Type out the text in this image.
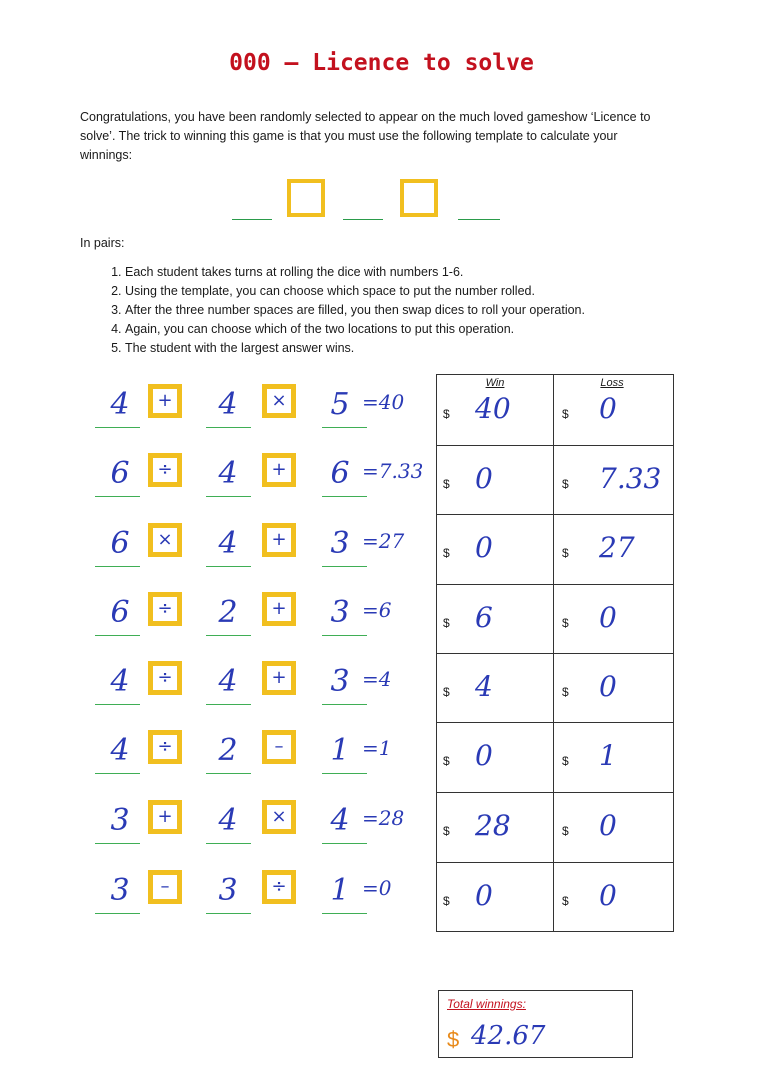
000 – Licence to solve
Congratulations, you have been randomly selected to appear on the much loved gameshow ‘Licence to solve’. The trick to winning this game is that you must use the following template to calculate your winnings:
In pairs:
1. Each student takes turns at rolling the dice with numbers 1-6.
2. Using the template, you can choose which space to put the number rolled.
3. After the three number spaces are filled, you then swap dices to roll your operation.
4. Again, you can choose which of the two locations to put this operation.
5. The student with the largest answer wins.
4	+	4	×	5 =40
6	÷	4	+	6 =7.33
6	×	4	+	3 =27
6	÷	2	+	3 =6
4	÷	4	+	3 =4
4	÷	2	–	1 =1
3	+	4	×	4 =28
3	–	3	÷	1 =0
Win	Loss
$ 40	$ 0
$ 0	$ 7.33
$ 0	$ 27
$ 6	$ 0
$ 4	$ 0
$ 0	$ 1
$ 28	$ 0
$ 0	$ 0
Total winnings:
$ 42.67
